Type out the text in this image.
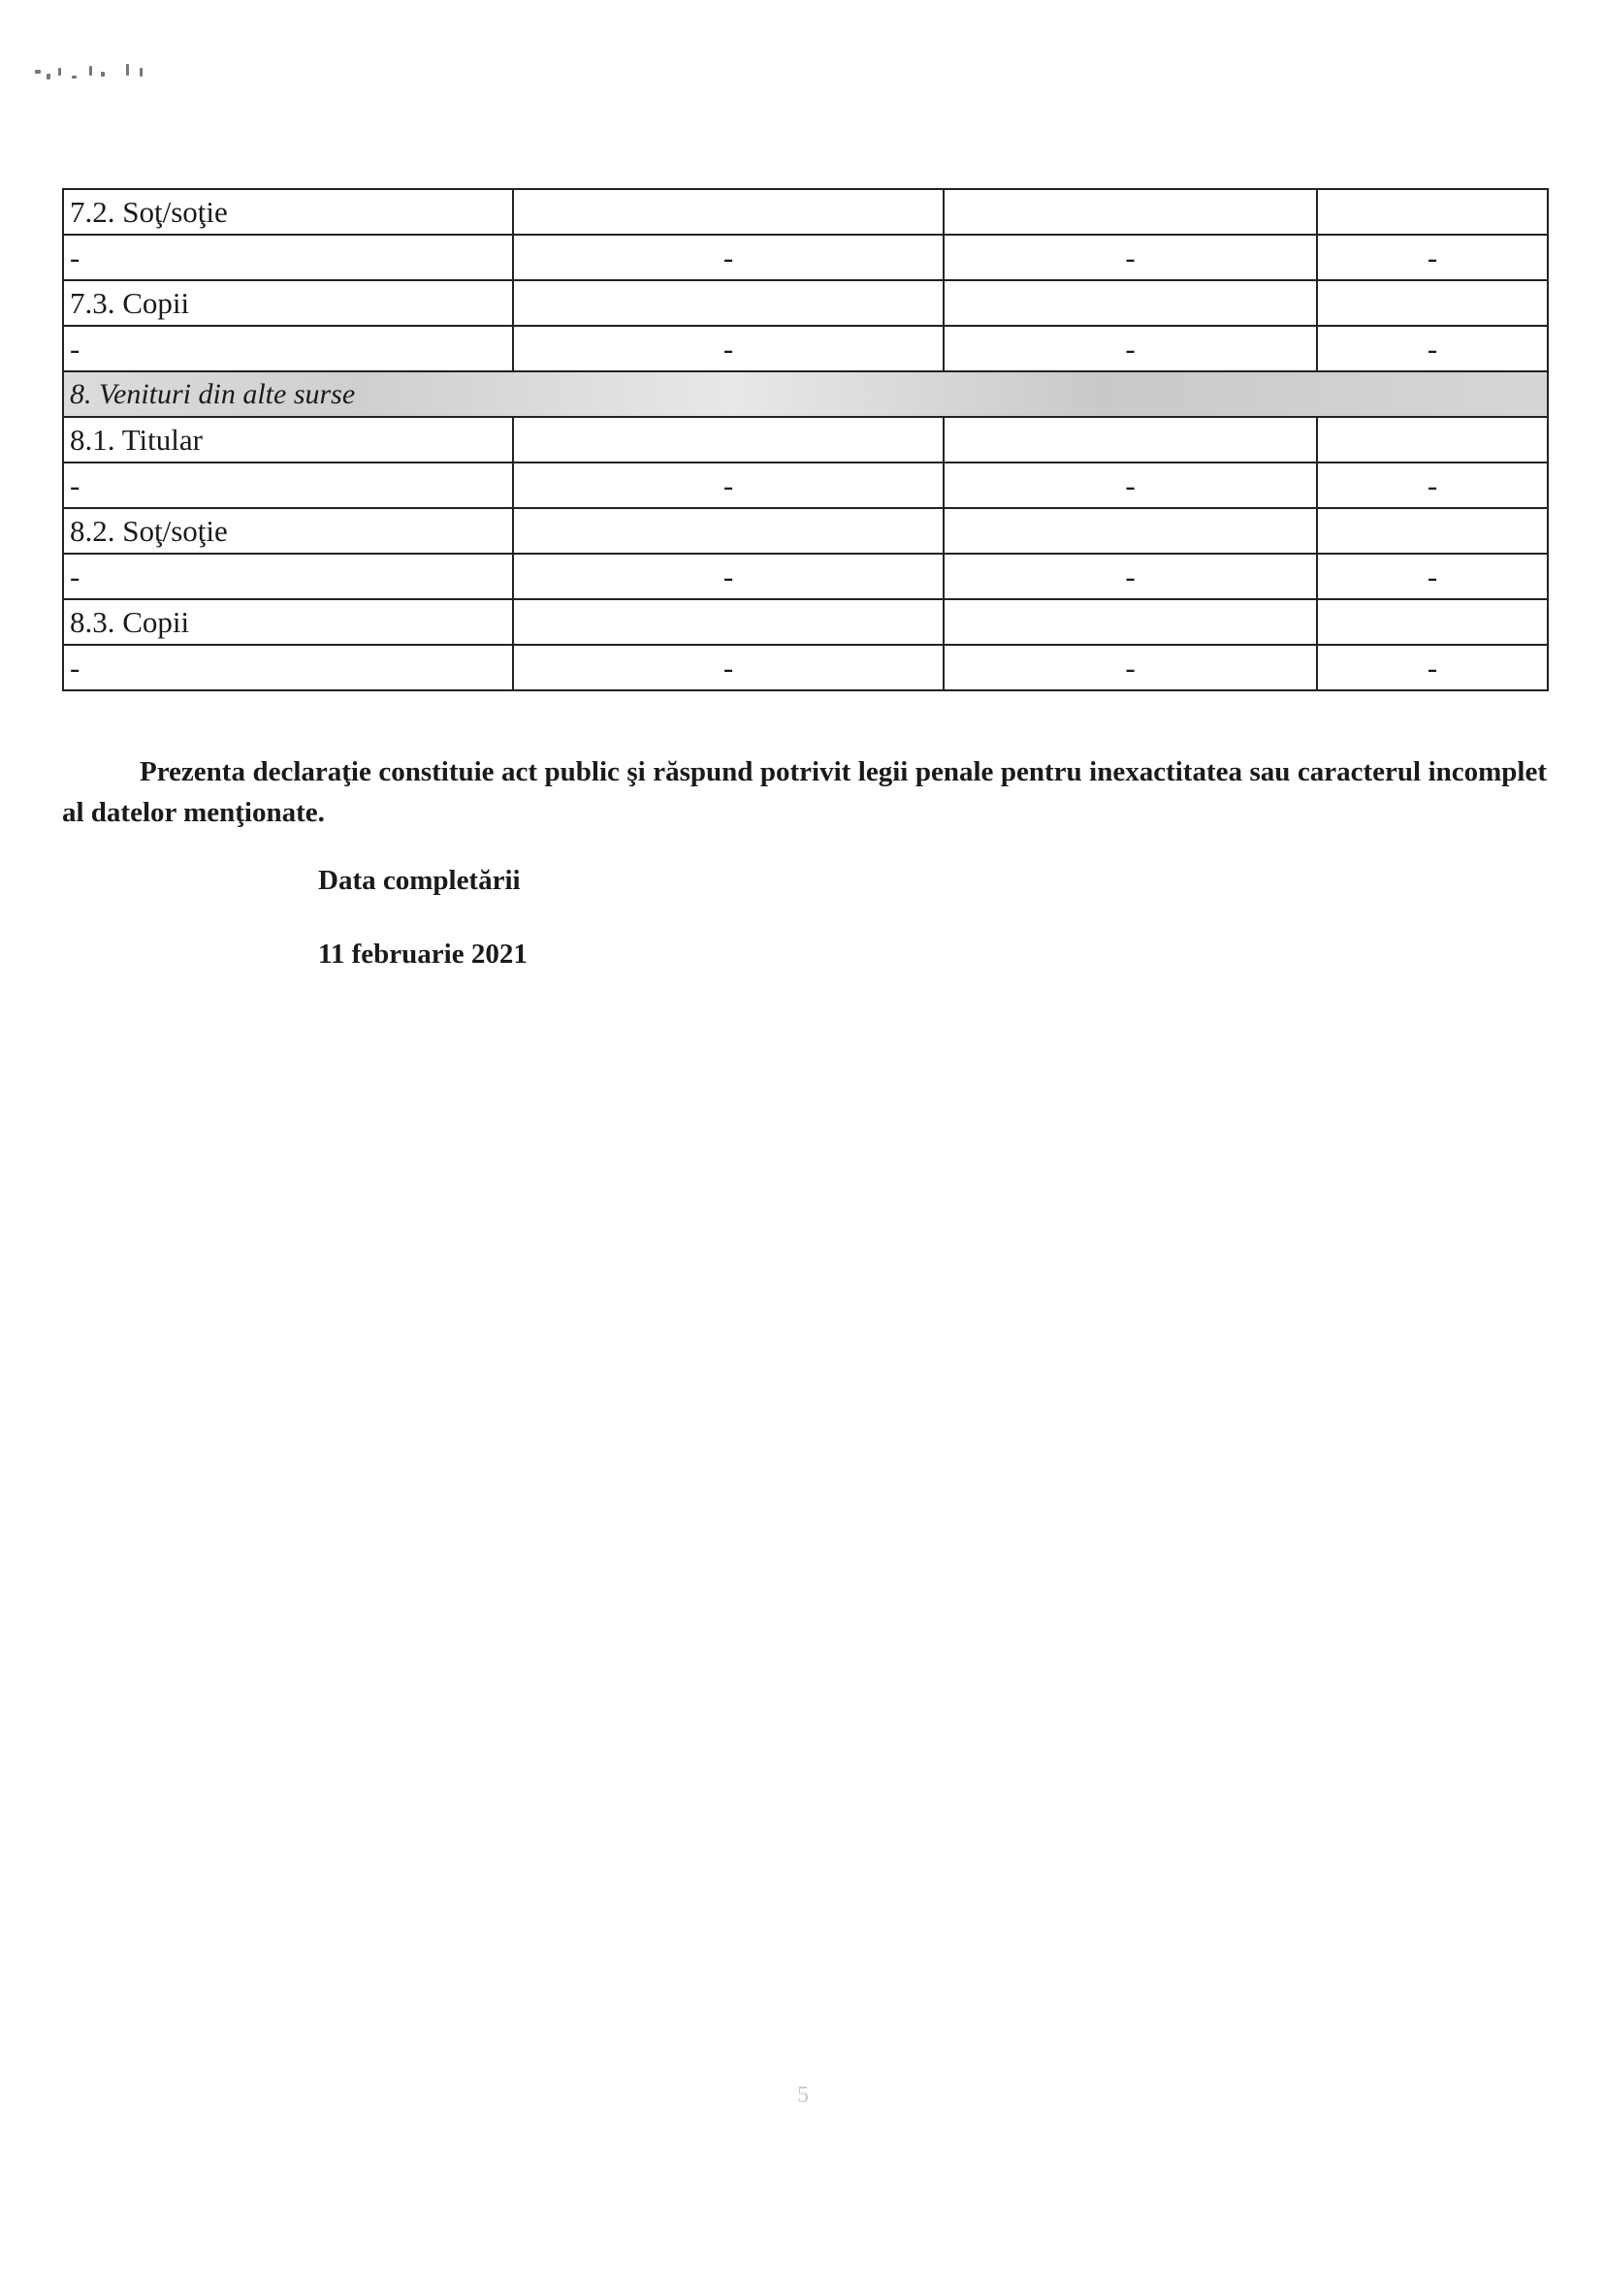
7.2. Soţ/soţie			
-	-	-	-
7.3. Copii			
-	-	-	-
8. Venituri din alte surse			
8.1. Titular			
-	-	-	-
8.2. Soţ/soţie			
-	-	-	-
8.3. Copii			
-	-	-	-
Prezenta declaraţie constituie act public şi răspund potrivit legii penale pentru inexactitatea sau caracterul incomplet al datelor menţionate.
Data completării
11 februarie 2021
5
